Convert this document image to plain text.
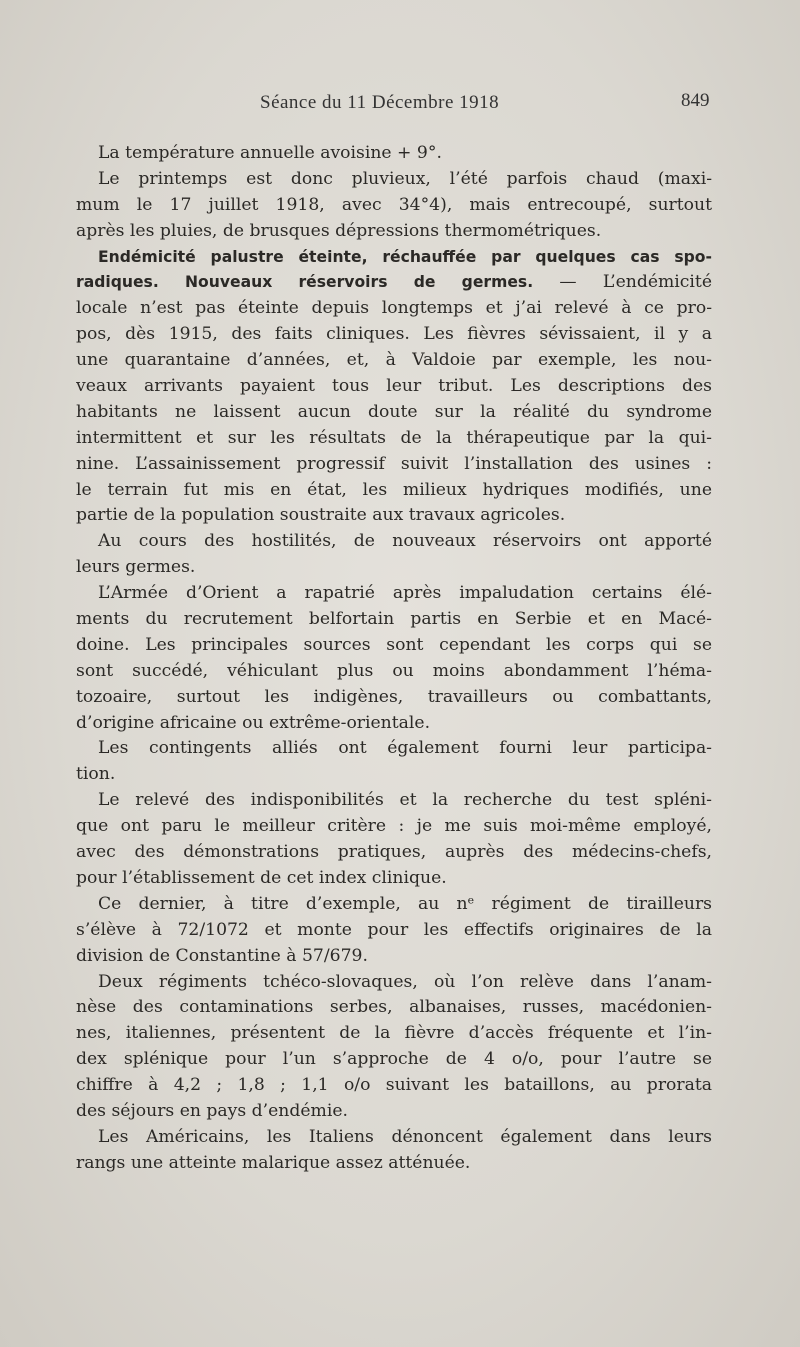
Séance du 11 Décembre 1918	849
La température annuelle avoisine + 9°.
Le printemps est donc pluvieux, l’été parfois chaud (maxi-
mum le 17 juillet 1918, avec 34°4), mais entrecoupé, surtout
après les pluies, de brusques dépressions thermométriques.
Endémicité palustre éteinte, réchauffée par quelques cas spo-
radiques. Nouveaux réservoirs de germes. — L’endémicité
locale n’est pas éteinte depuis longtemps et j’ai relevé à ce pro-
pos, dès 1915, des faits cliniques. Les fièvres sévissaient, il y a
une quarantaine d’années, et, à Valdoie par exemple, les nou-
veaux arrivants payaient tous leur tribut. Les descriptions des
habitants ne laissent aucun doute sur la réalité du syndrome
intermittent et sur les résultats de la thérapeutique par la qui-
nine. L’assainissement progressif suivit l’installation des usines :
le terrain fut mis en état, les milieux hydriques modifiés, une
partie de la population soustraite aux travaux agricoles.
Au cours des hostilités, de nouveaux réservoirs ont apporté
leurs germes.
L’Armée d’Orient a rapatrié après impaludation certains élé-
ments du recrutement belfortain partis en Serbie et en Macé-
doine. Les principales sources sont cependant les corps qui se
sont succédé, véhiculant plus ou moins abondamment l’héma-
tozoaire, surtout les indigènes, travailleurs ou combattants,
d’origine africaine ou extrême-orientale.
Les contingents alliés ont également fourni leur participa-
tion.
Le relevé des indisponibilités et la recherche du test spléni-
que ont paru le meilleur critère : je me suis moi-même employé,
avec des démonstrations pratiques, auprès des médecins-chefs,
pour l’établissement de cet index clinique.
Ce dernier, à titre d’exemple, au nᵉ régiment de tirailleurs
s’élève à 72/1072 et monte pour les effectifs originaires de la
division de Constantine à 57/679.
Deux régiments tchéco-slovaques, où l’on relève dans l’anam-
nèse des contaminations serbes, albanaises, russes, macédonien-
nes, italiennes, présentent de la fièvre d’accès fréquente et l’in-
dex splénique pour l’un s’approche de 4 o/o, pour l’autre se
chiffre à 4,2 ; 1,8 ; 1,1 o/o suivant les bataillons, au prorata
des séjours en pays d’endémie.
Les Américains, les Italiens dénoncent également dans leurs
rangs une atteinte malarique assez atténuée.
